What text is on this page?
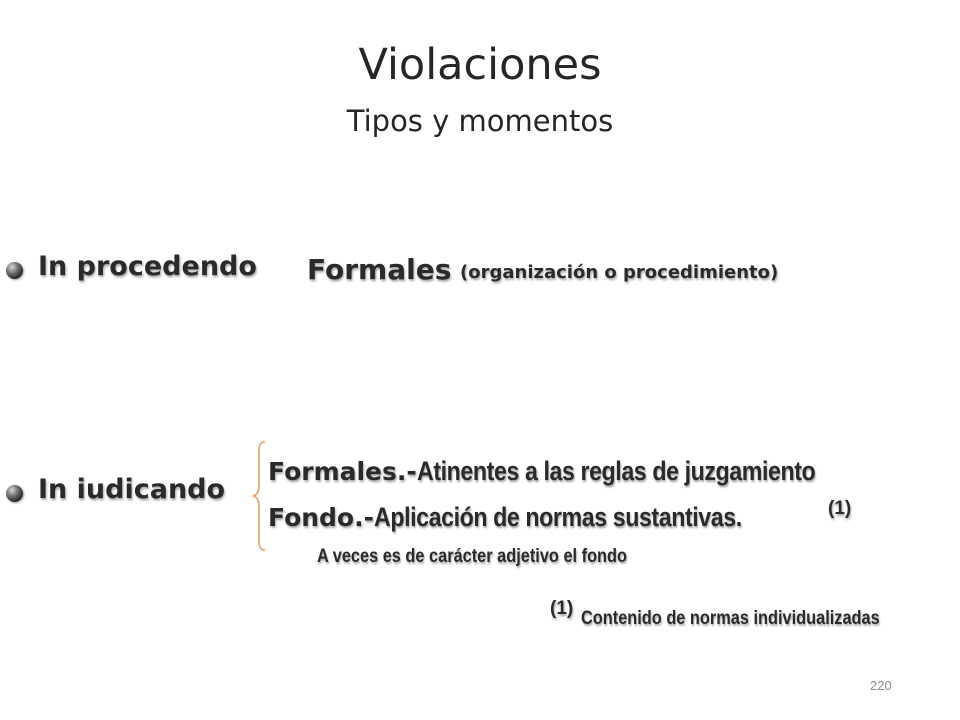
Violaciones
Tipos y momentos
In procedendo Formales (organización o procedimiento)
In iudicando
Formales.-Atinentes a las reglas de juzgamiento
Fondo.-Aplicación de normas sustantivas.	(1)
A veces es de carácter adjetivo el fondo
(1) Contenido de normas individualizadas
220
